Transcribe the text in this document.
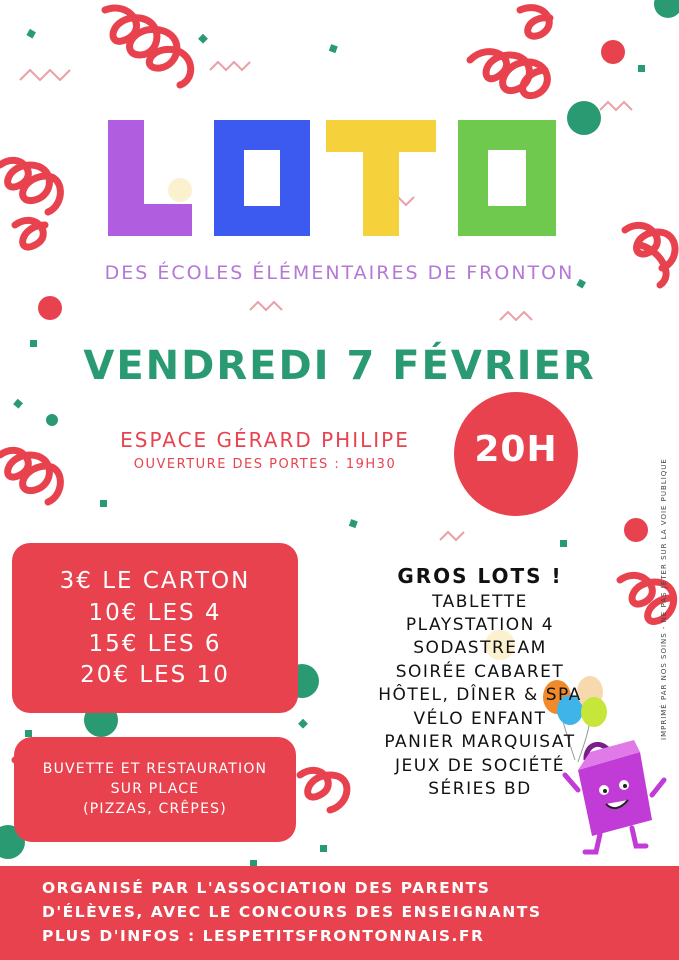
DES ÉCOLES ÉLÉMENTAIRES DE FRONTON
VENDREDI 7 FÉVRIER
ESPACE GÉRARD PHILIPE
OUVERTURE DES PORTES : 19H30	20H
3€ LE CARTON
10€ LES 4
15€ LES 6
20€ LES 10
BUVETTE ET RESTAURATION
SUR PLACE
(PIZZAS, CRÊPES)
GROS LOTS !
TABLETTE
PLAYSTATION 4
SODASTREAM
SOIRÉE CABARET
HÔTEL, DÎNER & SPA
VÉLO ENFANT
PANIER MARQUISAT
JEUX DE SOCIÉTÉ
SÉRIES BD
IMPRIMÉ PAR NOS SOINS - NE PAS JETER SUR LA VOIE PUBLIQUE
ORGANISÉ PAR L'ASSOCIATION DES PARENTS
D'ÉLÈVES, AVEC LE CONCOURS DES ENSEIGNANTS
PLUS D'INFOS : LESPETITSFRONTONNAIS.FR
